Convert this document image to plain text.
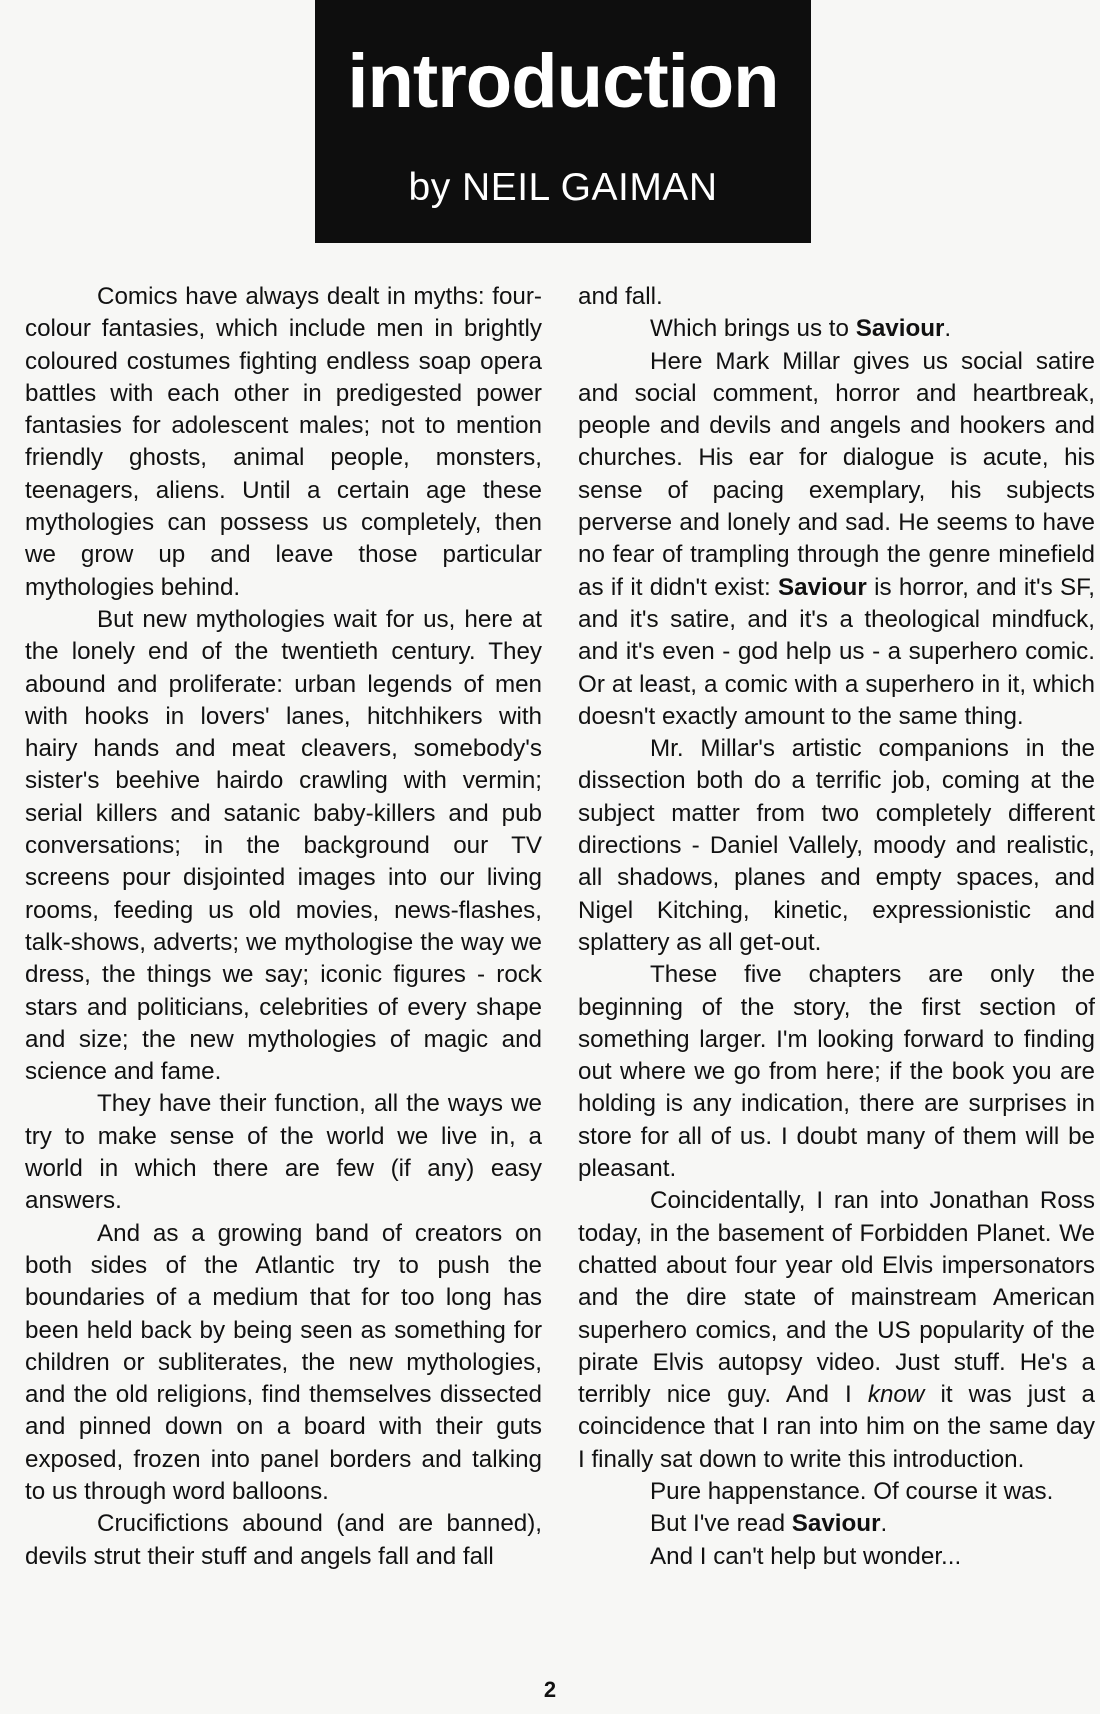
introduction
by NEIL GAIMAN

Comics have always dealt in myths: four-colour fantasies, which include men in brightly coloured costumes fighting endless soap opera battles with each other in predigested power fantasies for adolescent males; not to mention friendly ghosts, animal people, monsters, teenagers, aliens. Until a certain age these mythologies can possess us completely, then we grow up and leave those particular mythologies behind.

But new mythologies wait for us, here at the lonely end of the twentieth century. They abound and proliferate: urban legends of men with hooks in lovers' lanes, hitchhikers with hairy hands and meat cleavers, somebody's sister's beehive hairdo crawling with vermin; serial killers and satanic baby-killers and pub conversations; in the background our TV screens pour disjointed images into our living rooms, feeding us old movies, news-flashes, talk-shows, adverts; we mythologise the way we dress, the things we say; iconic figures - rock stars and politicians, celebrities of every shape and size; the new mythologies of magic and science and fame.

They have their function, all the ways we try to make sense of the world we live in, a world in which there are few (if any) easy answers.

And as a growing band of creators on both sides of the Atlantic try to push the boundaries of a medium that for too long has been held back by being seen as something for children or subliterates, the new mythologies, and the old religions, find themselves dissected and pinned down on a board with their guts exposed, frozen into panel borders and talking to us through word balloons.

Crucifictions abound (and are banned), devils strut their stuff and angels fall and fall

and fall.

Which brings us to Saviour.

Here Mark Millar gives us social satire and social comment, horror and heartbreak, people and devils and angels and hookers and churches. His ear for dialogue is acute, his sense of pacing exemplary, his subjects perverse and lonely and sad. He seems to have no fear of trampling through the genre minefield as if it didn't exist: Saviour is horror, and it's SF, and it's satire, and it's a theological mindfuck, and it's even - god help us - a superhero comic. Or at least, a comic with a superhero in it, which doesn't exactly amount to the same thing.

Mr. Millar's artistic companions in the dissection both do a terrific job, coming at the subject matter from two completely different directions - Daniel Vallely, moody and realistic, all shadows, planes and empty spaces, and Nigel Kitching, kinetic, expressionistic and splattery as all get-out.

These five chapters are only the beginning of the story, the first section of something larger. I'm looking forward to finding out where we go from here; if the book you are holding is any indication, there are surprises in store for all of us. I doubt many of them will be pleasant.

Coincidentally, I ran into Jonathan Ross today, in the basement of Forbidden Planet. We chatted about four year old Elvis impersonators and the dire state of mainstream American superhero comics, and the US popularity of the pirate Elvis autopsy video. Just stuff. He's a terribly nice guy. And I know it was just a coincidence that I ran into him on the same day I finally sat down to write this introduction.

Pure happenstance. Of course it was.

But I've read Saviour.

And I can't help but wonder...

2
